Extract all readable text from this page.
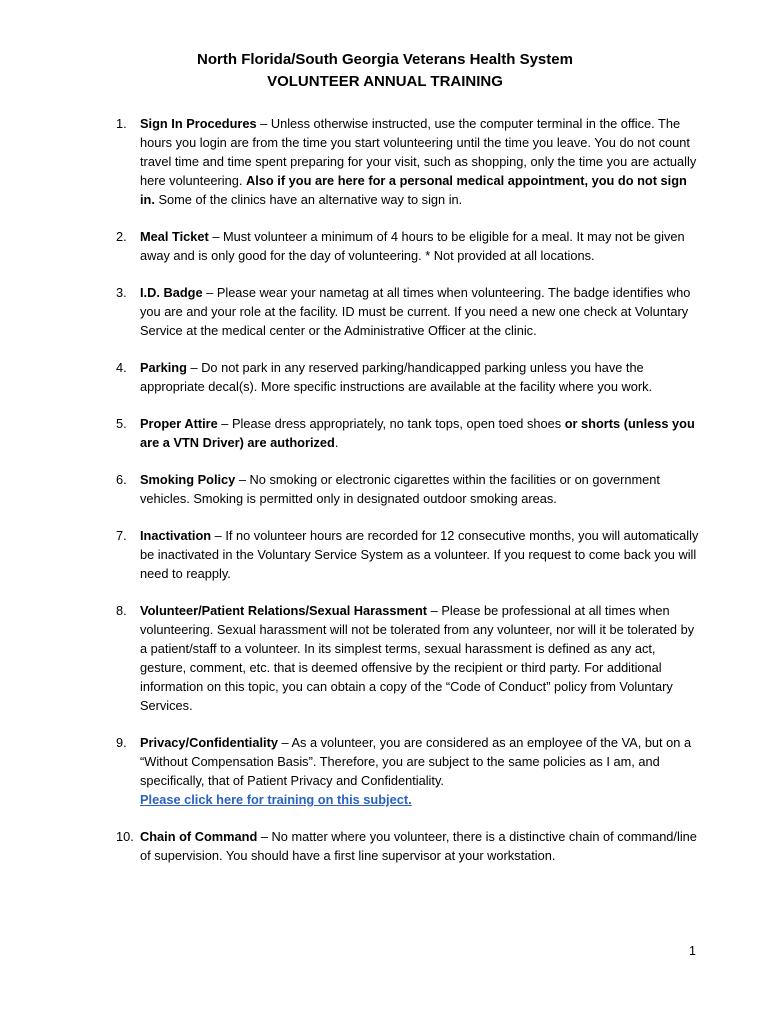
North Florida/South Georgia Veterans Health System
VOLUNTEER ANNUAL TRAINING
1. Sign In Procedures – Unless otherwise instructed, use the computer terminal in the office. The hours you login are from the time you start volunteering until the time you leave. You do not count travel time and time spent preparing for your visit, such as shopping, only the time you are actually here volunteering. Also if you are here for a personal medical appointment, you do not sign in. Some of the clinics have an alternative way to sign in.
2. Meal Ticket – Must volunteer a minimum of 4 hours to be eligible for a meal. It may not be given away and is only good for the day of volunteering. * Not provided at all locations.
3. I.D. Badge – Please wear your nametag at all times when volunteering. The badge identifies who you are and your role at the facility. ID must be current. If you need a new one check at Voluntary Service at the medical center or the Administrative Officer at the clinic.
4. Parking – Do not park in any reserved parking/handicapped parking unless you have the appropriate decal(s). More specific instructions are available at the facility where you work.
5. Proper Attire – Please dress appropriately, no tank tops, open toed shoes or shorts (unless you are a VTN Driver) are authorized.
6. Smoking Policy – No smoking or electronic cigarettes within the facilities or on government vehicles. Smoking is permitted only in designated outdoor smoking areas.
7. Inactivation – If no volunteer hours are recorded for 12 consecutive months, you will automatically be inactivated in the Voluntary Service System as a volunteer. If you request to come back you will need to reapply.
8. Volunteer/Patient Relations/Sexual Harassment – Please be professional at all times when volunteering. Sexual harassment will not be tolerated from any volunteer, nor will it be tolerated by a patient/staff to a volunteer. In its simplest terms, sexual harassment is defined as any act, gesture, comment, etc. that is deemed offensive by the recipient or third party. For additional information on this topic, you can obtain a copy of the “Code of Conduct” policy from Voluntary Services.
9. Privacy/Confidentiality – As a volunteer, you are considered as an employee of the VA, but on a “Without Compensation Basis”. Therefore, you are subject to the same policies as I am, and specifically, that of Patient Privacy and Confidentiality.
Please click here for training on this subject.
10. Chain of Command – No matter where you volunteer, there is a distinctive chain of command/line of supervision. You should have a first line supervisor at your workstation.
1
